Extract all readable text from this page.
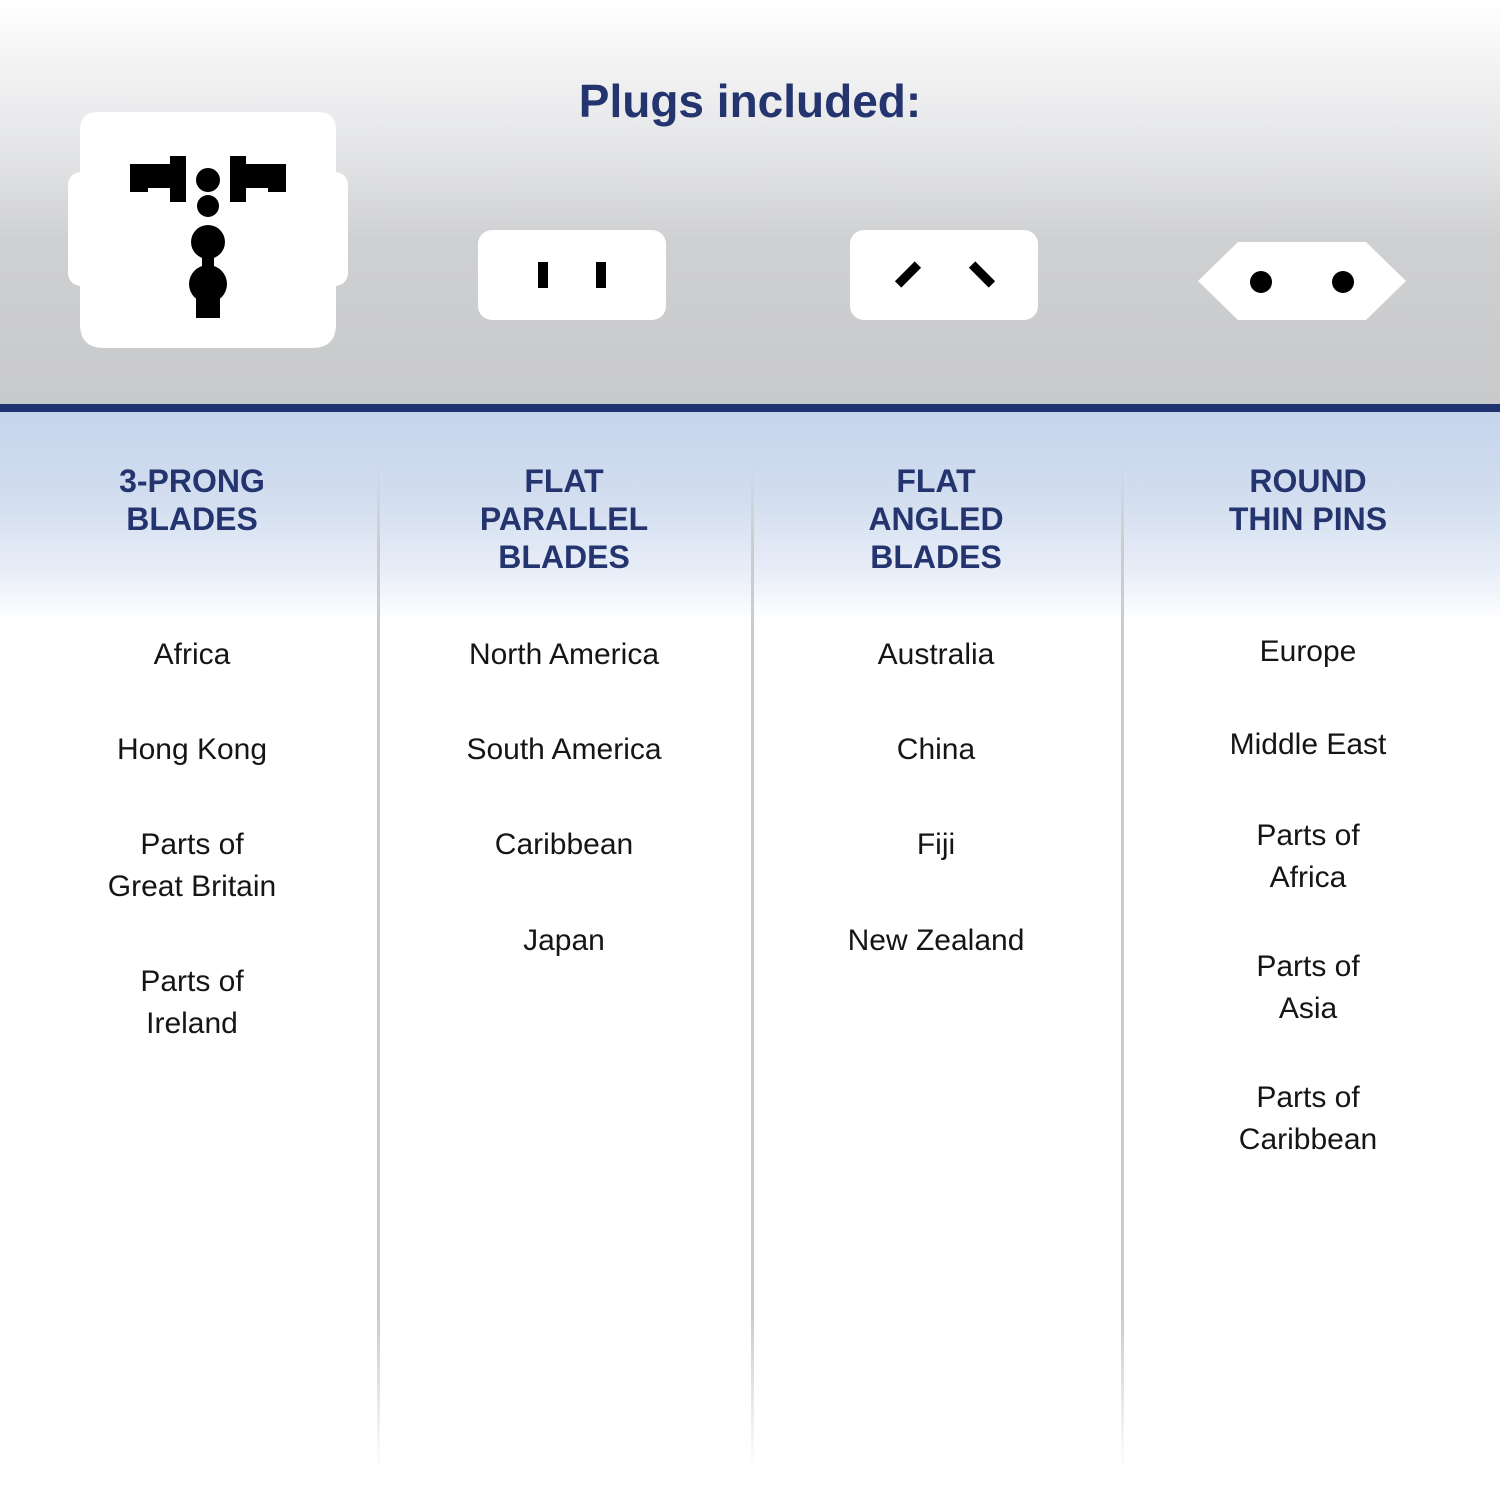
Plugs included:
3-PRONG
BLADES
Africa
Hong Kong
Parts of
Great Britain
Parts of
Ireland
FLAT
PARALLEL
BLADES
North America
South America
Caribbean
Japan
FLAT
ANGLED
BLADES
Australia
China
Fiji
New Zealand
ROUND
THIN PINS
Europe
Middle East
Parts of
Africa
Parts of
Asia
Parts of
Caribbean
